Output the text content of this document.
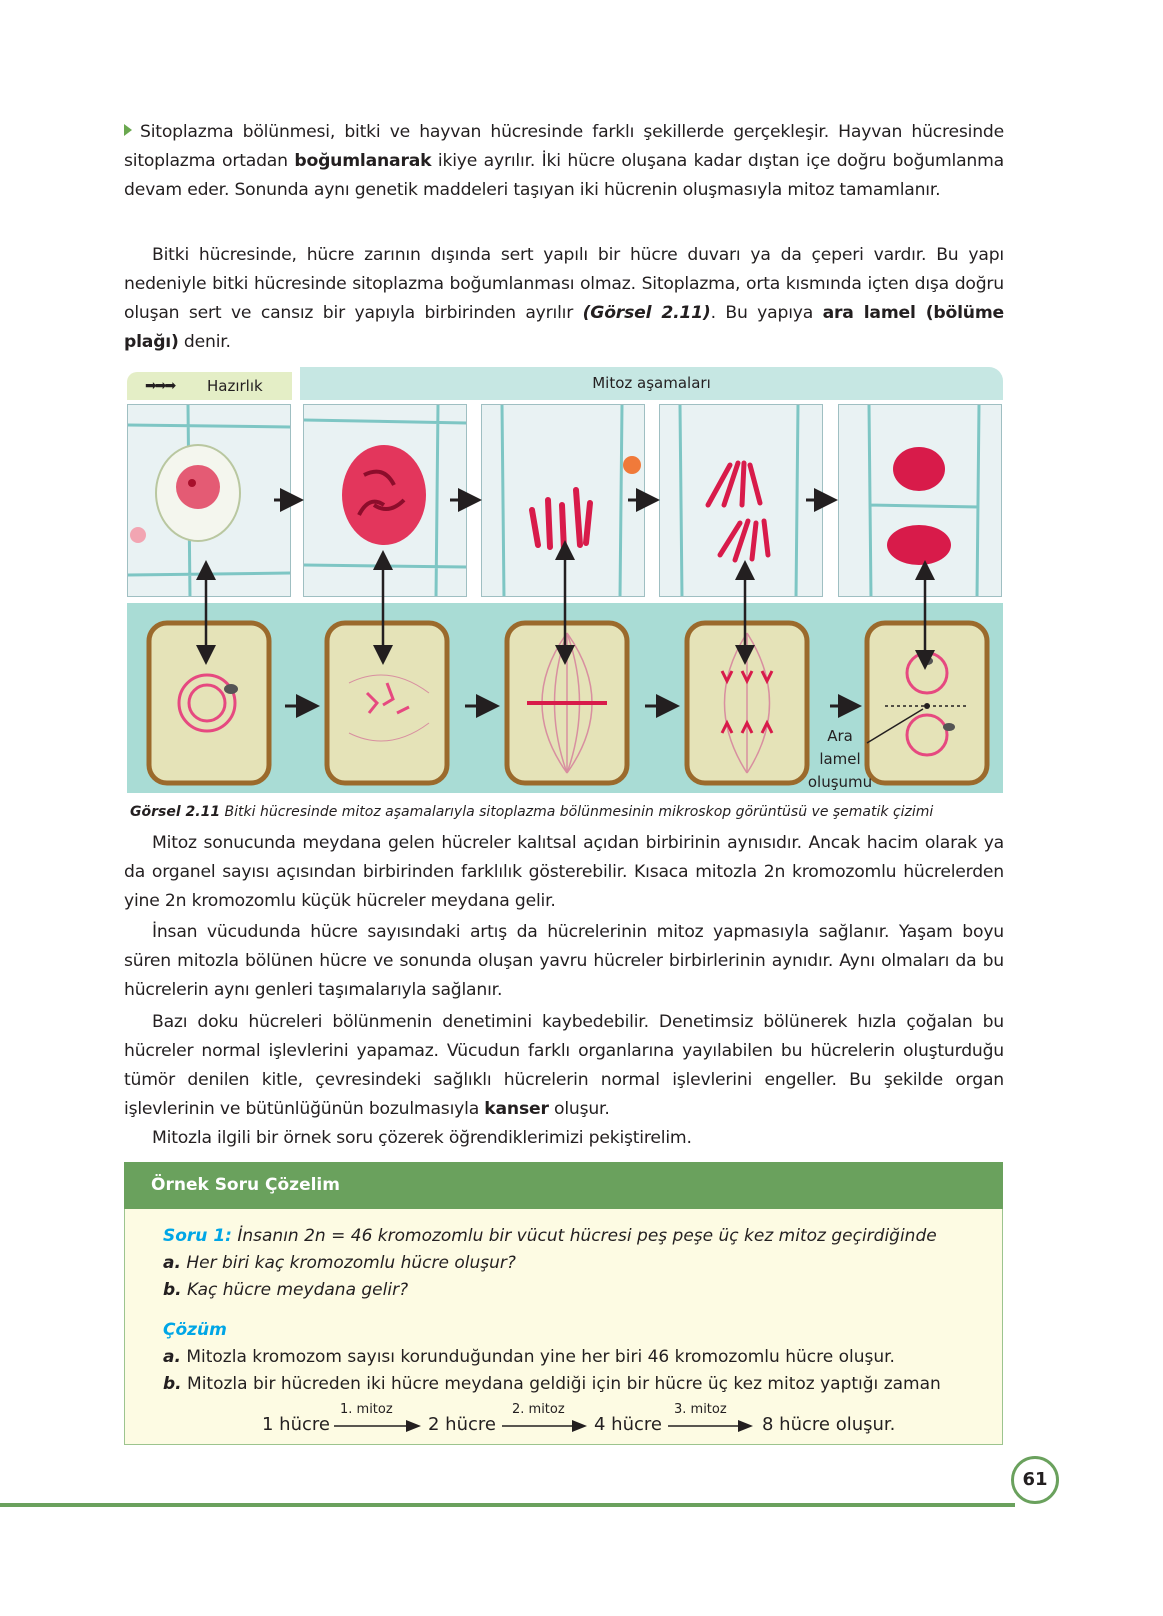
Sitoplazma bölünmesi, bitki ve hayvan hücresinde farklı şekillerde gerçekleşir. Hayvan hücresinde sitoplazma ortadan boğumlanarak ikiye ayrılır. İki hücre oluşana kadar dıştan içe doğru boğumlanma devam eder. Sonunda aynı genetik maddeleri taşıyan iki hücrenin oluşmasıyla mitoz tamamlanır.
Bitki hücresinde, hücre zarının dışında sert yapılı bir hücre duvarı ya da çeperi vardır. Bu yapı nedeniyle bitki hücresinde sitoplazma boğumlanması olmaz. Sitoplazma, orta kısmında içten dışa doğru oluşan sert ve cansız bir yapıyla birbirinden ayrılır (Görsel 2.11). Bu yapıya ara lamel (bölüme plağı) denir.
➡➡➡ Hazırlık	Mitoz aşamaları
Ara
lamel
oluşumu
Görsel 2.11 Bitki hücresinde mitoz aşamalarıyla sitoplazma bölünmesinin mikroskop görüntüsü ve şematik çizimi
Mitoz sonucunda meydana gelen hücreler kalıtsal açıdan birbirinin aynısıdır. Ancak hacim olarak ya da organel sayısı açısından birbirinden farklılık gösterebilir. Kısaca mitozla 2n kromozomlu hücrelerden yine 2n kromozomlu küçük hücreler meydana gelir.
İnsan vücudunda hücre sayısındaki artış da hücrelerinin mitoz yapmasıyla sağlanır. Yaşam boyu süren mitozla bölünen hücre ve sonunda oluşan yavru hücreler birbirlerinin aynıdır. Aynı olmaları da bu hücrelerin aynı genleri taşımalarıyla sağlanır.
Bazı doku hücreleri bölünmenin denetimini kaybedebilir. Denetimsiz bölünerek hızla çoğalan bu hücreler normal işlevlerini yapamaz. Vücudun farklı organlarına yayılabilen bu hücrelerin oluşturduğu tümör denilen kitle, çevresindeki sağlıklı hücrelerin normal işlevlerini engeller. Bu şekilde organ işlevlerinin ve bütünlüğünün bozulmasıyla kanser oluşur.
Mitozla ilgili bir örnek soru çözerek öğrendiklerimizi pekiştirelim.
Örnek Soru Çözelim
Soru 1: İnsanın 2n = 46 kromozomlu bir vücut hücresi peş peşe üç kez mitoz geçirdiğinde
a. Her biri kaç kromozomlu hücre oluşur?
b. Kaç hücre meydana gelir?
Çözüm
a. Mitozla kromozom sayısı korunduğundan yine her biri 46 kromozomlu hücre oluşur.
b. Mitozla bir hücreden iki hücre meydana geldiği için bir hücre üç kez mitoz yaptığı zaman
1 hücre
1. mitoz
2 hücre
2. mitoz
4 hücre
3. mitoz
8 hücre oluşur.
61
